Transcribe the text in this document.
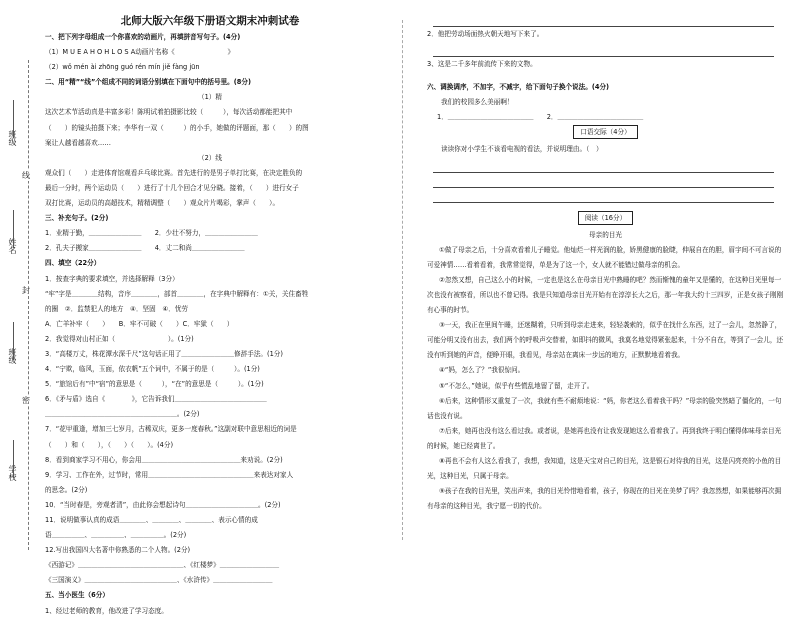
班级
线
姓名
封
班级
密
学校
北师大版六年级下册语文期末冲刺试卷
一、把下列字母组成一个你喜欢的动画片，再填拼音写句子。(4分)
（1）M U E A H O H L O S A动画片名称《　　　　　　　　》
（2）wǒ mén ài zhōng guó rén mín jiě fàng jūn
二、用“精”“线”个组成不同的词语分别填在下面句中的括号里。(8分)
（1）精
这次艺术节活动真是丰富多彩！陈明试着拍摄影比较（　　　），每次活动都能把其中
（　　）的镜头拍摄下来；李华有一双（　　　）的小手，她做的评题面，那（　　）的图
案让人越看越喜欢……
（2）线
观众们（　　）走进体育馆观看乒乓球比赛。首先进行的是男子单打比赛，在决定胜负的
最后一分时，两个运动员（　　）进行了十几个回合才见分晓。接着，（　　）进行女子
双打比赛，运动员的高超技术，精精调整（　　）观众片片喝彩，掌声（　　）。
三、补充句子。(2分)
1．业精于勤，＿＿＿＿＿＿＿＿　　2．少壮不努力，＿＿＿＿＿＿＿＿
2．孔夫子搬家＿＿＿＿＿＿＿＿　　4．丈二和尚＿＿＿＿＿＿＿＿
四、填空（22分）
1．按查字典的要求填空，并选择解释（3分）
“牢”字是＿＿＿＿结构，音序＿＿＿＿，部首＿＿＿＿，在字典中解释有：①关，关住畜牲
的圈　②．监禁犯人的地方　④．坚固　④．忧劳
A．亡羊补牢（　　）　　B．牢不可破（　　）C．牢狱（　　）
2．我觉得对山村正如（　　　　　　　　）。(1分)
3．“高楼万丈，株花潭水深千尺”这句话正用了＿＿＿＿＿＿＿＿修辞手法。(1分)
4．“宁欺，临风，玉面，依衣帆”五个词中，不属于的是（　　　）。(1分)
5．“旅馆后有”中“宿”的意思是（　　　），“在”的意思是（　　　）。(1分)
6．《矛与盾》选自《　　　　》，它告诉我们＿＿＿＿＿＿＿＿＿＿＿＿＿＿
＿＿＿＿＿＿＿＿＿＿＿＿＿＿＿＿＿＿＿＿。(2分)
7．“花甲重逢，增加三七岁月，古稀双庆，更多一度春秋。”这副对联中意思相近的词是
（　　）和（　　），（　　）（　　）。(4分)
8．看到商家学习不用心，你会用＿＿＿＿＿＿＿＿＿＿＿＿＿＿＿来劝说。(2分)
9．学习、工作在外，过节时，常用＿＿＿＿＿＿＿＿＿＿＿＿＿＿＿＿来表达对家人
的思念。(2分)
10．“当时春是，旁观者清”，由此你会想起诗句＿＿＿＿＿＿＿＿＿＿＿。(2分)
11．说明做事认真的成语＿＿＿＿、＿＿＿＿、＿＿＿＿、表示心情的成
语＿＿＿＿＿、＿＿＿＿＿、＿＿＿＿＿。(2分)
12.写出我国四大名著中你熟悉的二个人物。(2分)
《西游记》＿＿＿＿＿＿＿＿＿＿＿＿＿＿＿＿、《红楼梦》＿＿＿＿＿＿＿＿＿
《三国演义》＿＿＿＿＿＿＿＿＿＿＿＿＿＿、《水浒传》＿＿＿＿＿＿＿＿＿
五、当小医生（6分）
1、经过老师的教育，他改进了学习态度。
2．他把劳动场面热火朝天地写下来了。
3、这是二千多年前流传下来的文物。
六、调换调序，不加字，不减字，给下面句子换个说法。(4分)
我们的校园多么美丽啊！
1．＿＿＿＿＿＿＿＿＿＿＿＿＿　　2．＿＿＿＿＿＿＿＿＿＿＿＿＿
口语交际（4分）
读读你对小学生不该看电视的看法，并说明理由。（　）
阅读（16分）
母亲的目光
①做了母亲之后，十分喜欢看着儿子睡觉。他灿烂一样光润的脸，娇黑健康的脸睫，伸展自在的胆，眉宇间不可言说的可爱神情……看着看着，我常常觉得，单是为了这一个，女人就不能错过做母亲的机会。
②忽然又想，自己这么小的时候，一定也是这么在母亲目光中熟睡的吧？然而惭愧的童年又是懂的，在这种目光里每一次也没有被察看，所以也不曾记得。我是只知道母亲目光开始有在淳淳长大之后，那一年我大约十三四岁，正是女孩子刚刚有心事的时节。
③一天，我正在里间午睡，还迷糊着，只听到母亲走进来，轻轻袭索的，似乎在找什么东西，过了一会儿，忽然静了，可能分明又没有出去，我们两个的呼吸声交替着，如即抖的微风，我莫名地觉得紧张起来，十分不自在，等到了一会儿，还没有听到她的声音，便睁开眼，我看见，母亲站在离床一步远的地方，正默默地看着我。
④“妈，怎么了？”我很惊问。
⑤“不怎么，”她说，似乎有些慌乱地留了留，走开了。
⑥后来，这种情形又重复了一次，我就有些不耐烦地说：“妈，你老这么看着我干吗？”母亲的脸突然暗了僵化的，一句话也没有说。
⑦后来，她再也没有这么看过我。或者说，是她再也没有让我发现她这么看着我了。再到我终于明白懂得体味母亲目光的时候，她已经离世了。
⑧再也不会有人这么看我了，我想，我知道，这是天宝对自己的目光，这是银石对待我的目光，这是闪亮亮的小鱼的目光，这种目光，只属于母亲。
⑨孩子在我的目光里，笑出声来，我的目光怜惜地看着，孩子，你现在的目光在美梦了吗？我忽然想，如果能够再次拥有母亲的这种目光，我宁愿一切的代价。
